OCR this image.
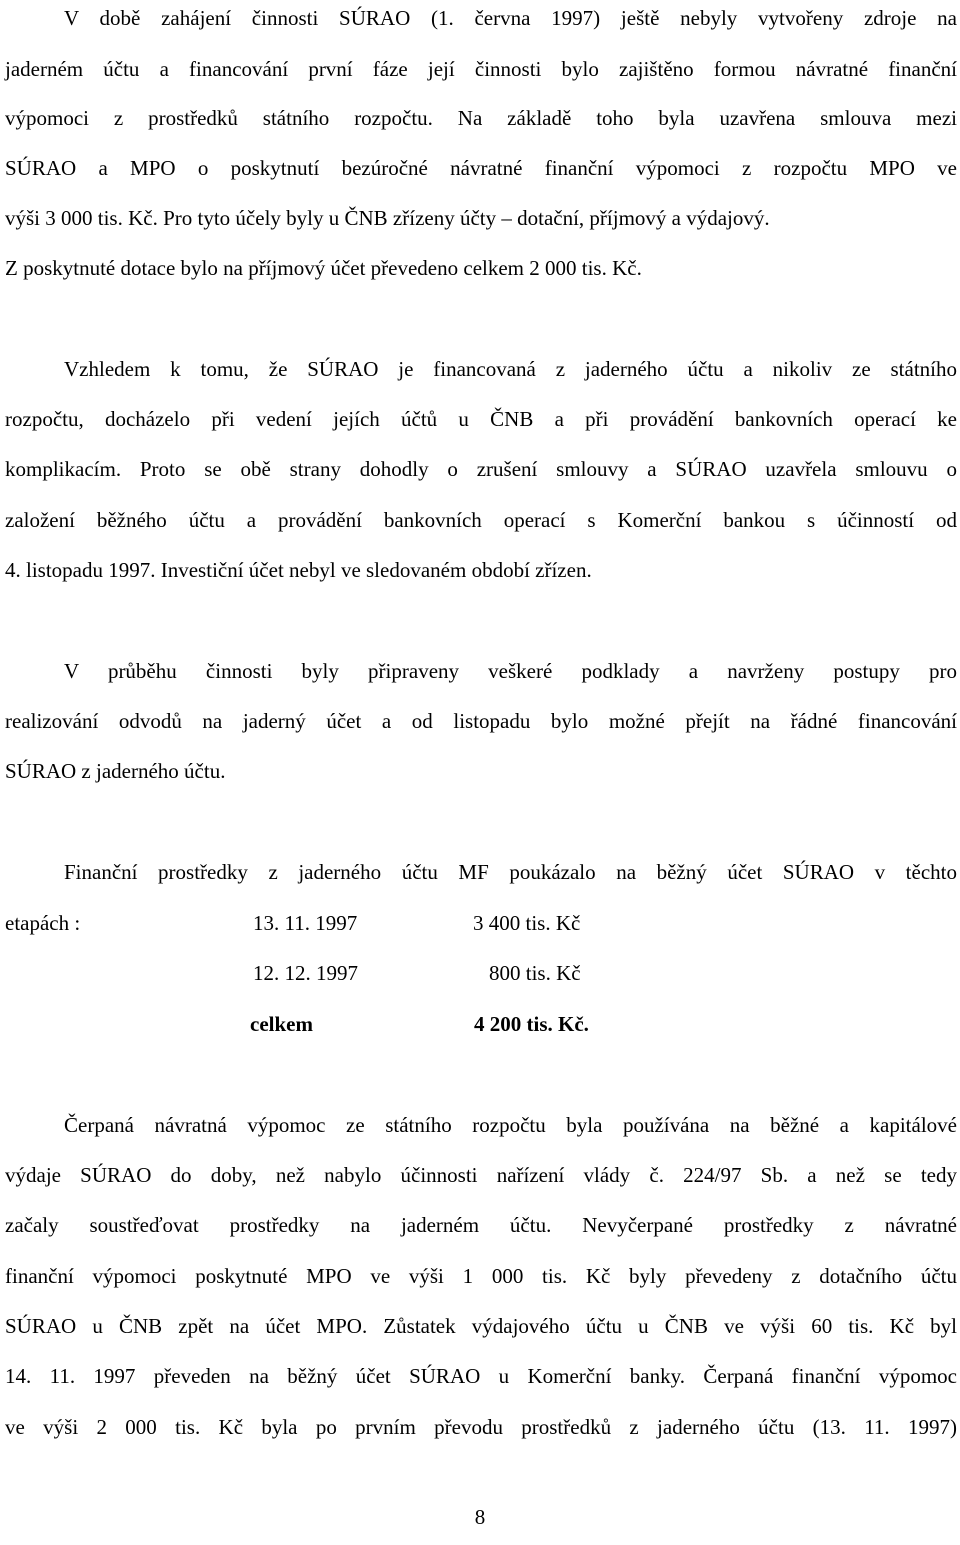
V době zahájení činnosti SÚRAO (1. června 1997) ještě nebyly vytvořeny zdroje na
jaderném účtu a financování první fáze její činnosti bylo zajištěno formou návratné finanční
výpomoci z prostředků státního rozpočtu. Na základě toho byla uzavřena smlouva mezi
SÚRAO a MPO o poskytnutí bezúročné návratné finanční výpomoci z rozpočtu MPO ve
výši 3 000 tis. Kč. Pro tyto účely byly u ČNB zřízeny účty – dotační, příjmový a výdajový.
Z poskytnuté dotace bylo na příjmový účet převedeno celkem 2 000 tis. Kč.
Vzhledem k tomu, že SÚRAO je financovaná z jaderného účtu a nikoliv ze státního
rozpočtu, docházelo při vedení jejích účtů u ČNB a při provádění bankovních operací ke
komplikacím. Proto se obě strany dohodly o zrušení smlouvy a SÚRAO uzavřela smlouvu o
založení běžného účtu a provádění bankovních operací s Komerční bankou s účinností od
4. listopadu 1997. Investiční účet nebyl ve sledovaném období zřízen.
V průběhu činnosti byly připraveny veškeré podklady a navrženy postupy pro
realizování odvodů na jaderný účet a od listopadu bylo možné přejít na řádné financování
SÚRAO z jaderného účtu.
Finanční prostředky z jaderného účtu MF poukázalo na běžný účet SÚRAO v těchto
etapách :	13. 11. 1997	3 400 tis. Kč
12. 12. 1997	800 tis. Kč
celkem	4 200 tis. Kč.
Čerpaná návratná výpomoc ze státního rozpočtu byla používána na běžné a kapitálové
výdaje SÚRAO do doby, než nabylo účinnosti nařízení vlády č. 224/97 Sb. a než se tedy
začaly soustřeďovat prostředky na jaderném účtu. Nevyčerpané prostředky z návratné
finanční výpomoci poskytnuté MPO ve výši 1 000 tis. Kč byly převedeny z dotačního účtu
SÚRAO u ČNB zpět na účet MPO. Zůstatek výdajového účtu u ČNB ve výši 60 tis. Kč byl
14. 11. 1997 převeden na běžný účet SÚRAO u Komerční banky. Čerpaná finanční výpomoc
ve výši 2 000 tis. Kč byla po prvním převodu prostředků z jaderného účtu (13. 11. 1997)
8
